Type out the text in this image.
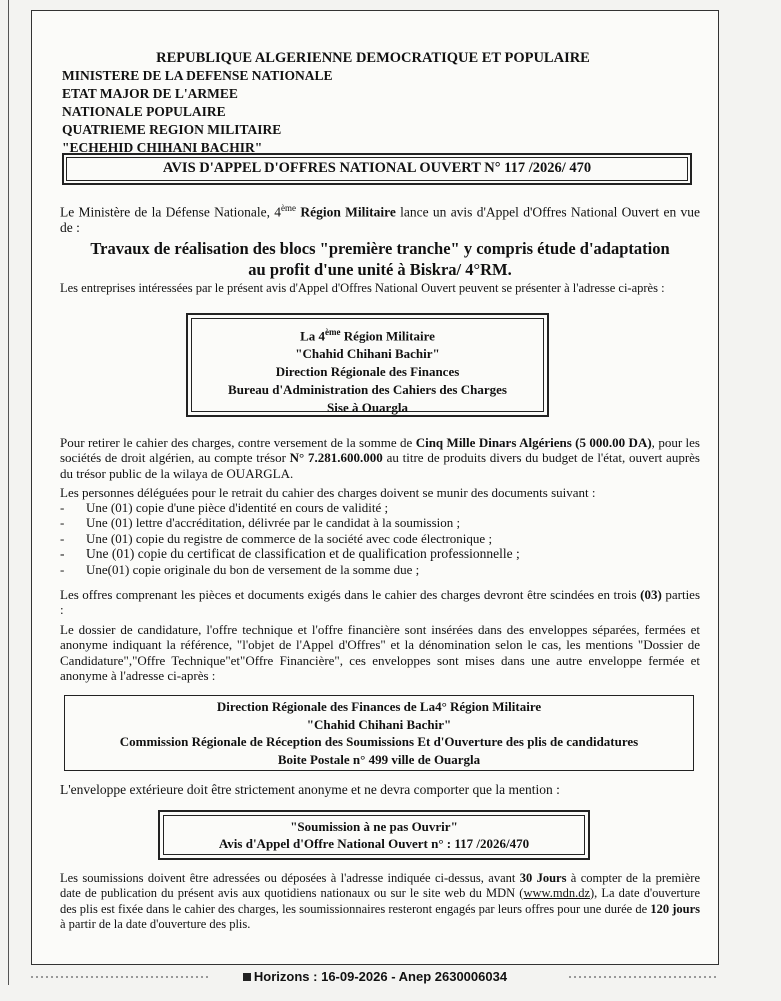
REPUBLIQUE ALGERIENNE DEMOCRATIQUE ET POPULAIRE
MINISTERE DE LA DEFENSE NATIONALE
ETAT MAJOR DE L'ARMEE
NATIONALE POPULAIRE
QUATRIEME REGION MILITAIRE
"ECHEHID CHIHANI BACHIR"
AVIS D'APPEL D'OFFRES NATIONAL OUVERT N° 117 /2026/ 470
Le Ministère de la Défense Nationale, 4ème Région Militaire lance un avis d'Appel d'Offres National Ouvert en vue de :
Travaux de réalisation des blocs "première tranche" y compris étude d'adaptation
au profit d'une unité à Biskra/ 4°RM.
Les entreprises intéressées par le présent avis d'Appel d'Offres National Ouvert peuvent se présenter à l'adresse ci-après :
La 4ème Région Militaire
"Chahid Chihani Bachir"
Direction Régionale des Finances
Bureau d'Administration des Cahiers des Charges
Sise à Ouargla
Pour retirer le cahier des charges, contre versement de la somme de Cinq Mille Dinars Algériens (5 000.00 DA), pour les sociétés de droit algérien, au compte trésor N° 7.281.600.000 au titre de produits divers du budget de l'état, ouvert auprès du trésor public de la wilaya de OUARGLA.
Les personnes déléguées pour le retrait du cahier des charges doivent se munir des documents suivant :
- Une (01) copie d'une pièce d'identité en cours de validité ;
- Une (01) lettre d'accréditation, délivrée par le candidat à la soumission ;
- Une (01) copie du registre de commerce de la société avec code électronique ;
- Une (01) copie du certificat de classification et de qualification professionnelle ;
- Une(01) copie originale du bon de versement de la somme due ;
Les offres comprenant les pièces et documents exigés dans le cahier des charges devront être scindées en trois (03) parties :
Le dossier de candidature, l'offre technique et l'offre financière sont insérées dans des enveloppes séparées, fermées et anonyme indiquant la référence, "l'objet de l'Appel d'Offres" et la dénomination selon le cas, les mentions "Dossier de Candidature","Offre Technique"et"Offre Financière", ces enveloppes sont mises dans une autre enveloppe fermée et anonyme à l'adresse ci-après :
Direction Régionale des Finances de La4° Région Militaire
"Chahid Chihani Bachir"
Commission Régionale de Réception des Soumissions Et d'Ouverture des plis de candidatures
Boite Postale n° 499 ville de Ouargla
L'enveloppe extérieure doit être strictement anonyme et ne devra comporter que la mention :
"Soumission à ne pas Ouvrir"
Avis d'Appel d'Offre National Ouvert n° : 117 /2026/470
Les soumissions doivent être adressées ou déposées à l'adresse indiquée ci-dessus, avant 30 Jours à compter de la première date de publication du présent avis aux quotidiens nationaux ou sur le site web du MDN (www.mdn.dz), La date d'ouverture des plis est fixée dans le cahier des charges, les soumissionnaires resteront engagés par leurs offres pour une durée de 120 jours à partir de la date d'ouverture des plis.
Horizons : 16-09-2026 - Anep 2630006034
